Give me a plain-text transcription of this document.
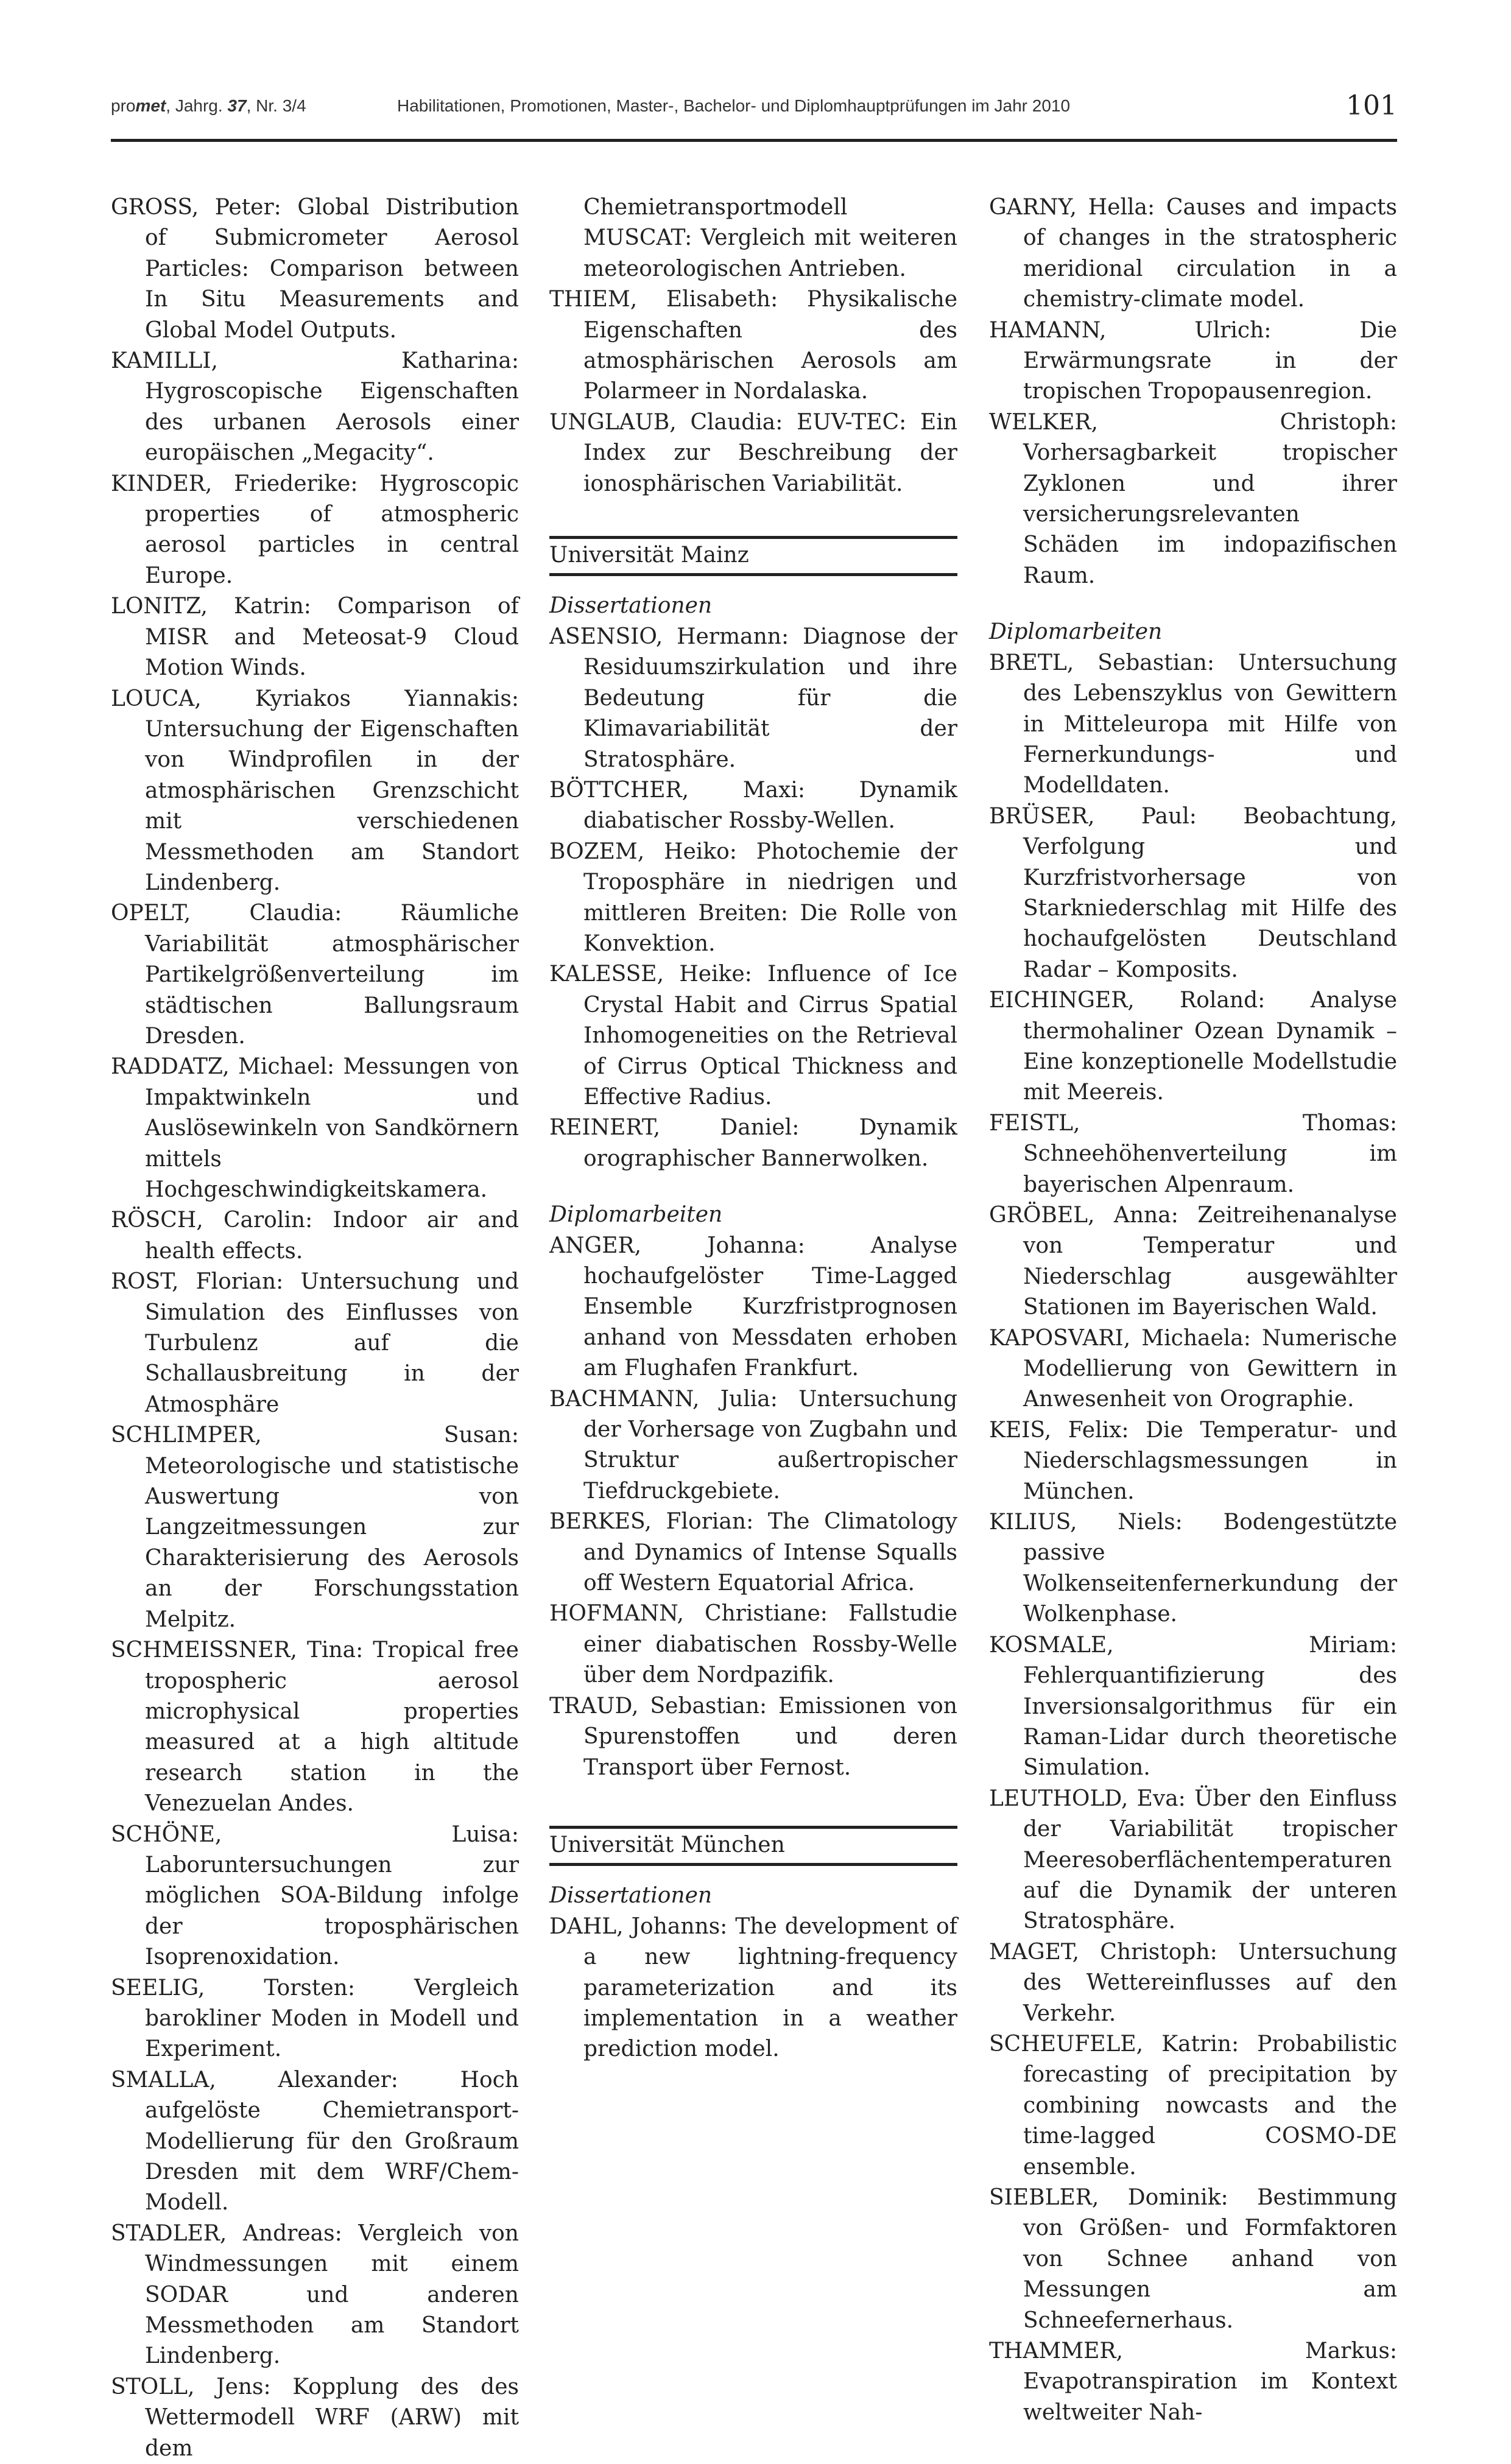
promet, Jahrg. 37, Nr. 3/4	Habilitationen, Promotionen, Master-, Bachelor- und Diplomhauptprüfungen im Jahr 2010	101

GROSS, Peter: Global Distribution of Submicrometer Aerosol Particles: Comparison between In Situ Measurements and Global Model Outputs.

KAMILLI, Katharina: Hygroscopische Eigenschaften des urbanen Aerosols einer europäischen „Megacity“.

KINDER, Friederike: Hygroscopic properties of atmospheric aerosol particles in central Europe.

LONITZ, Katrin: Comparison of MISR and Meteosat-9 Cloud Motion Winds.

LOUCA, Kyriakos Yiannakis: Untersuchung der Eigenschaften von Windprofilen in der atmosphärischen Grenzschicht mit verschiedenen Messmethoden am Standort Lindenberg.

OPELT, Claudia: Räumliche Variabilität atmosphärischer Partikelgrößenverteilung im städtischen Ballungsraum Dresden.

RADDATZ, Michael: Messungen von Impaktwinkeln und Auslösewinkeln von Sandkörnern mittels Hochgeschwindigkeitskamera.

RÖSCH, Carolin: Indoor air and health effects.

ROST, Florian: Untersuchung und Simulation des Einflusses von Turbulenz auf die Schallausbreitung in der Atmosphäre

SCHLIMPER, Susan: Meteorologische und statistische Auswertung von Langzeitmessungen zur Charakterisierung des Aerosols an der Forschungsstation Melpitz.

SCHMEISSNER, Tina: Tropical free tropospheric aerosol microphysical properties measured at a high altitude research station in the Venezuelan Andes.

SCHÖNE, Luisa: Laboruntersuchungen zur möglichen SOA-Bildung infolge der troposphärischen Isoprenoxidation.

SEELIG, Torsten: Vergleich barokliner Moden in Modell und Experiment.

SMALLA, Alexander: Hoch aufgelöste Chemietransport-Modellierung für den Großraum Dresden mit dem WRF/Chem-Modell.

STADLER, Andreas: Vergleich von Windmessungen mit einem SODAR und anderen Messmethoden am Standort Lindenberg.

STOLL, Jens: Kopplung des des Wettermodell WRF (ARW) mit dem

Chemietransportmodell MUSCAT: Vergleich mit weiteren meteorologischen Antrieben.

THIEM, Elisabeth: Physikalische Eigenschaften des atmosphärischen Aerosols am Polarmeer in Nordalaska.

UNGLAUB, Claudia: EUV-TEC: Ein Index zur Beschreibung der ionosphärischen Variabilität.

Universität Mainz
Dissertationen

ASENSIO, Hermann: Diagnose der Residuumszirkulation und ihre Bedeutung für die Klimavariabilität der Stratosphäre.

BÖTTCHER, Maxi: Dynamik diabatischer Rossby-Wellen.

BOZEM, Heiko: Photochemie der Troposphäre in niedrigen und mittleren Breiten: Die Rolle von Konvektion.

KALESSE, Heike: Influence of Ice Crystal Habit and Cirrus Spatial Inhomogeneities on the Retrieval of Cirrus Optical Thickness and Effective Radius.

REINERT, Daniel: Dynamik orographischer Bannerwolken.

Diplomarbeiten

ANGER, Johanna: Analyse hochaufgelöster Time-Lagged Ensemble Kurzfristprognosen anhand von Messdaten erhoben am Flughafen Frankfurt.

BACHMANN, Julia: Untersuchung der Vorhersage von Zugbahn und Struktur außertropischer Tiefdruckgebiete.

BERKES, Florian: The Climatology and Dynamics of Intense Squalls off Western Equatorial Africa.

HOFMANN, Christiane: Fallstudie einer diabatischen Rossby-Welle über dem Nordpazifik.

TRAUD, Sebastian: Emissionen von Spurenstoffen und deren Transport über Fernost.

Universität München
Dissertationen

DAHL, Johanns: The development of a new lightning-frequency parameterization and its implementation in a weather prediction model.

GARNY, Hella: Causes and impacts of changes in the stratospheric meridional circulation in a chemistry-climate model.

HAMANN, Ulrich: Die Erwärmungsrate in der tropischen Tropopausenregion.

WELKER, Christoph: Vorhersagbarkeit tropischer Zyklonen und ihrer versicherungsrelevanten Schäden im indopazifischen Raum.

Diplomarbeiten

BRETL, Sebastian: Untersuchung des Lebenszyklus von Gewittern in Mitteleuropa mit Hilfe von Fernerkundungs- und Modelldaten.

BRÜSER, Paul: Beobachtung, Verfolgung und Kurzfristvorhersage von Starkniederschlag mit Hilfe des hochaufgelösten Deutschland Radar – Komposits.

EICHINGER, Roland: Analyse thermohaliner Ozean Dynamik – Eine konzeptionelle Modellstudie mit Meereis.

FEISTL, Thomas: Schneehöhenverteilung im bayerischen Alpenraum.

GRÖBEL, Anna: Zeitreihenanalyse von Temperatur und Niederschlag ausgewählter Stationen im Bayerischen Wald.

KAPOSVARI, Michaela: Numerische Modellierung von Gewittern in Anwesenheit von Orographie.

KEIS, Felix: Die Temperatur- und Niederschlagsmessungen in München.

KILIUS, Niels: Bodengestützte passive Wolkenseitenfernerkundung der Wolkenphase.

KOSMALE, Miriam: Fehlerquantifizierung des Inversionsalgorithmus für ein Raman-Lidar durch theoretische Simulation.

LEUTHOLD, Eva: Über den Einfluss der Variabilität tropischer Meeresoberflächentemperaturen auf die Dynamik der unteren Stratosphäre.

MAGET, Christoph: Untersuchung des Wettereinflusses auf den Verkehr.

SCHEUFELE, Katrin: Probabilistic forecasting of precipitation by combining nowcasts and the time-lagged COSMO-DE ensemble.

SIEBLER, Dominik: Bestimmung von Größen- und Formfaktoren von Schnee anhand von Messungen am Schneefernerhaus.

THAMMER, Markus: Evapotranspiration im Kontext weltweiter Nah-
